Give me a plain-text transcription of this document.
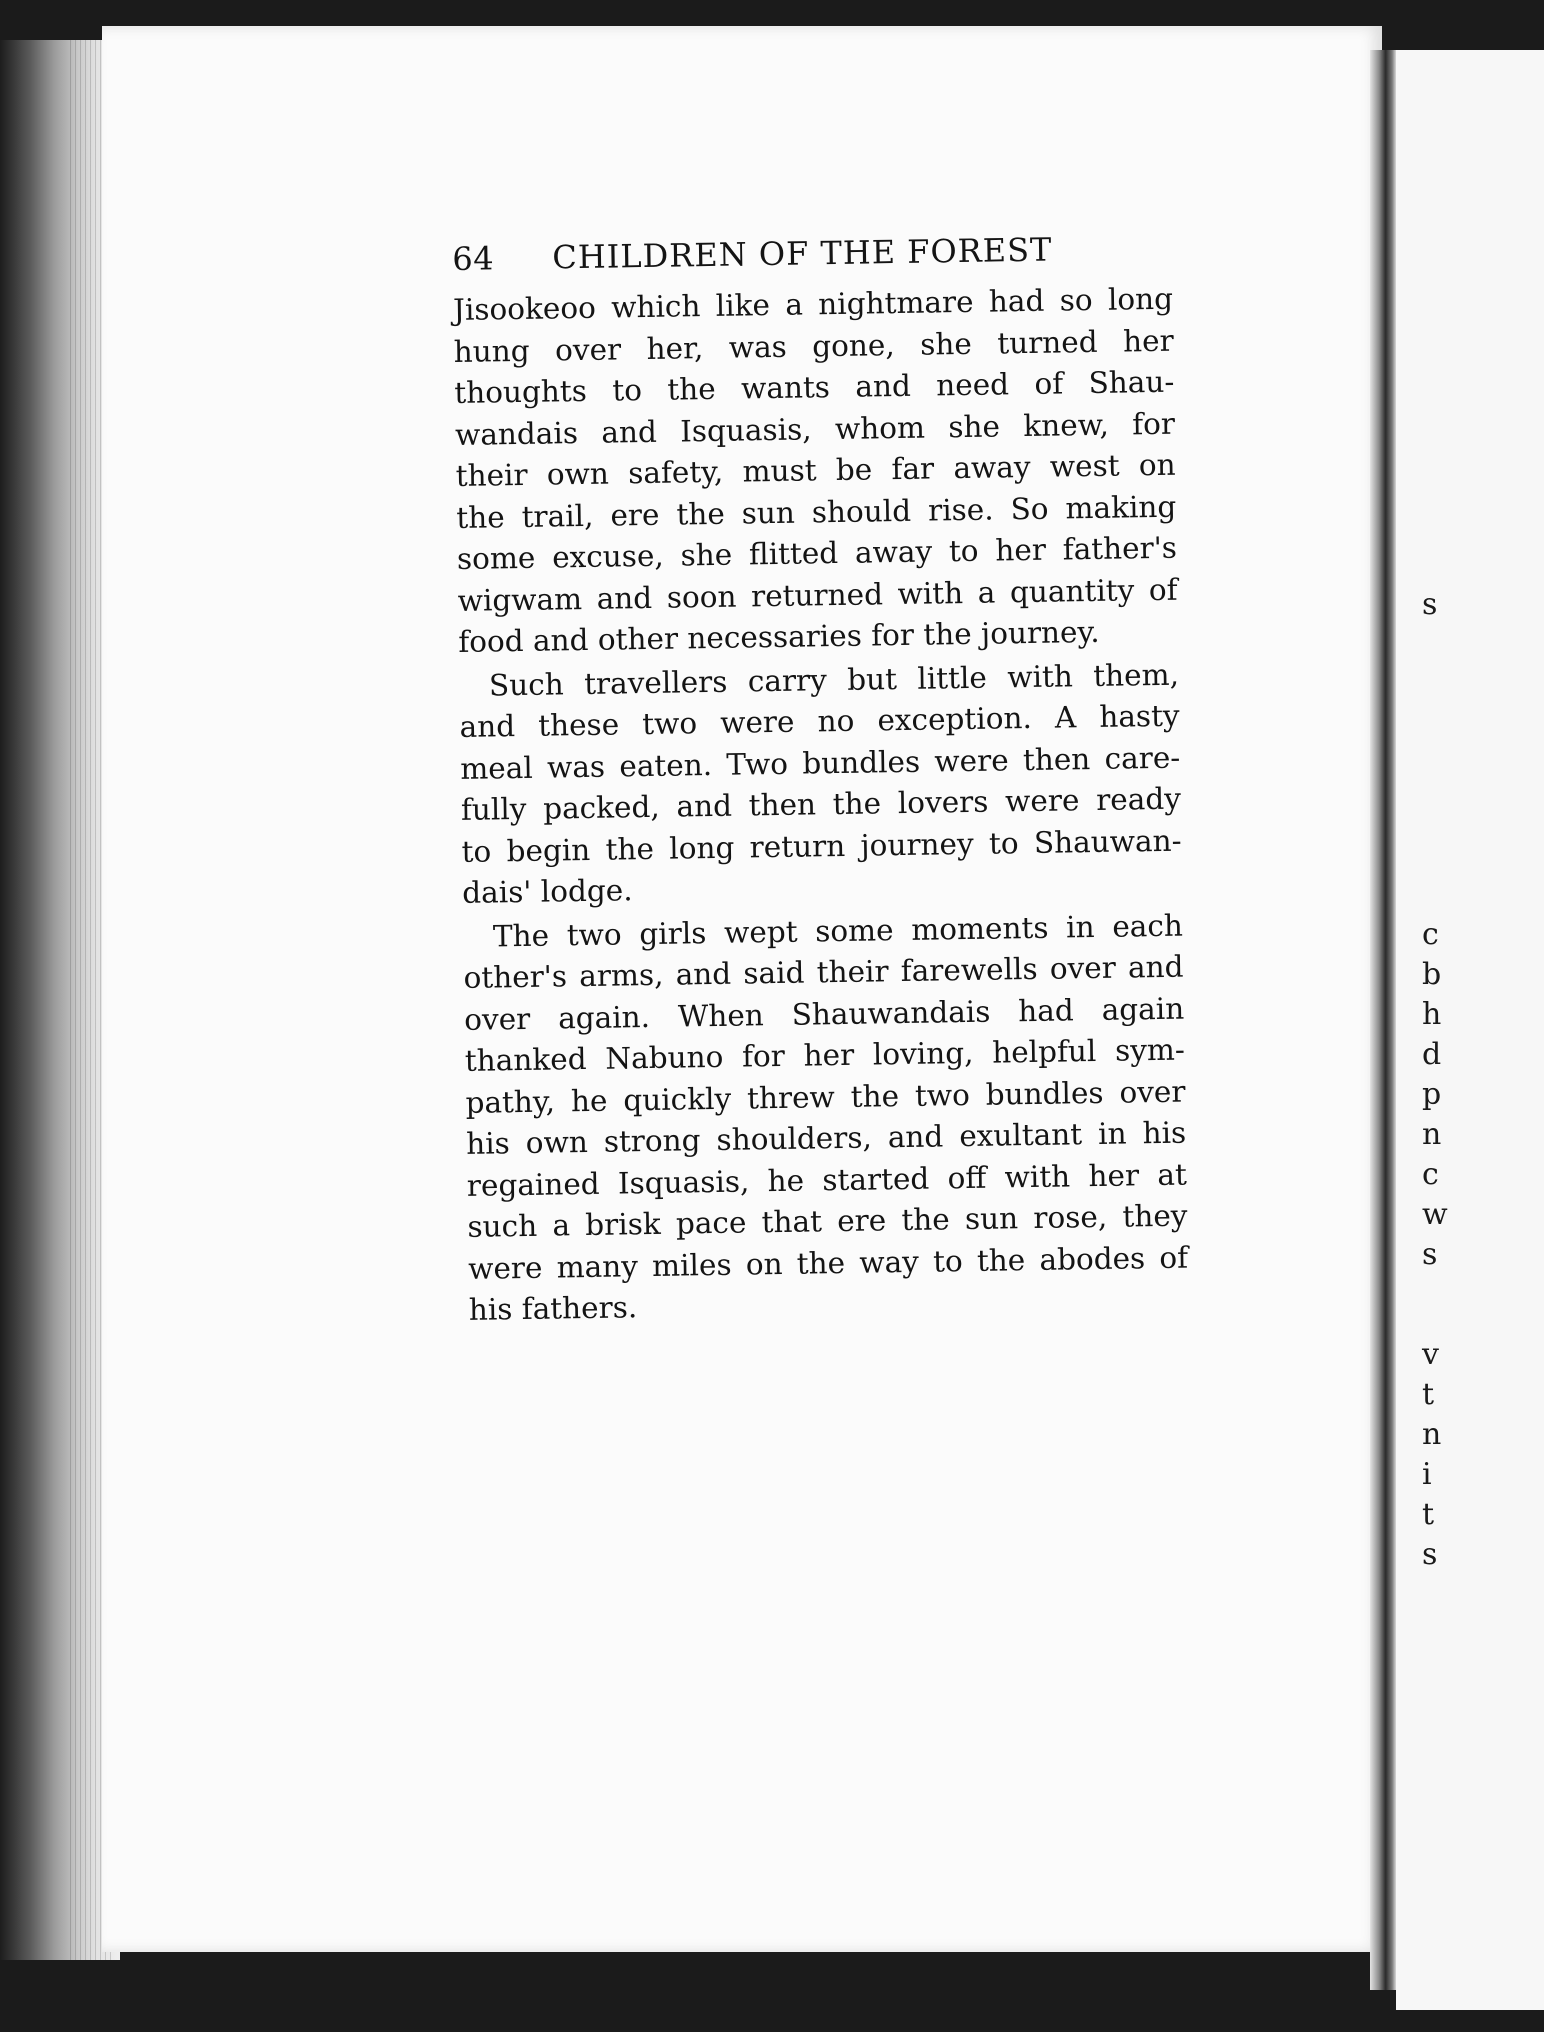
s
c
b
h
d
p
n
c
w
s
v
t
n
i
t
s
64	CHILDREN OF THE FOREST
Jisookeoo which like a nightmare had so long
hung over her, was gone, she turned her
thoughts to the wants and need of Shau-
wandais and Isquasis, whom she knew, for
their own safety, must be far away west on
the trail, ere the sun should rise. So making
some excuse, she flitted away to her father's
wigwam and soon returned with a quantity of
food and other necessaries for the journey.
Such travellers carry but little with them,
and these two were no exception. A hasty
meal was eaten. Two bundles were then care-
fully packed, and then the lovers were ready
to begin the long return journey to Shauwan-
dais' lodge.
The two girls wept some moments in each
other's arms, and said their farewells over and
over again. When Shauwandais had again
thanked Nabuno for her loving, helpful sym-
pathy, he quickly threw the two bundles over
his own strong shoulders, and exultant in his
regained Isquasis, he started off with her at
such a brisk pace that ere the sun rose, they
were many miles on the way to the abodes of
his fathers.
